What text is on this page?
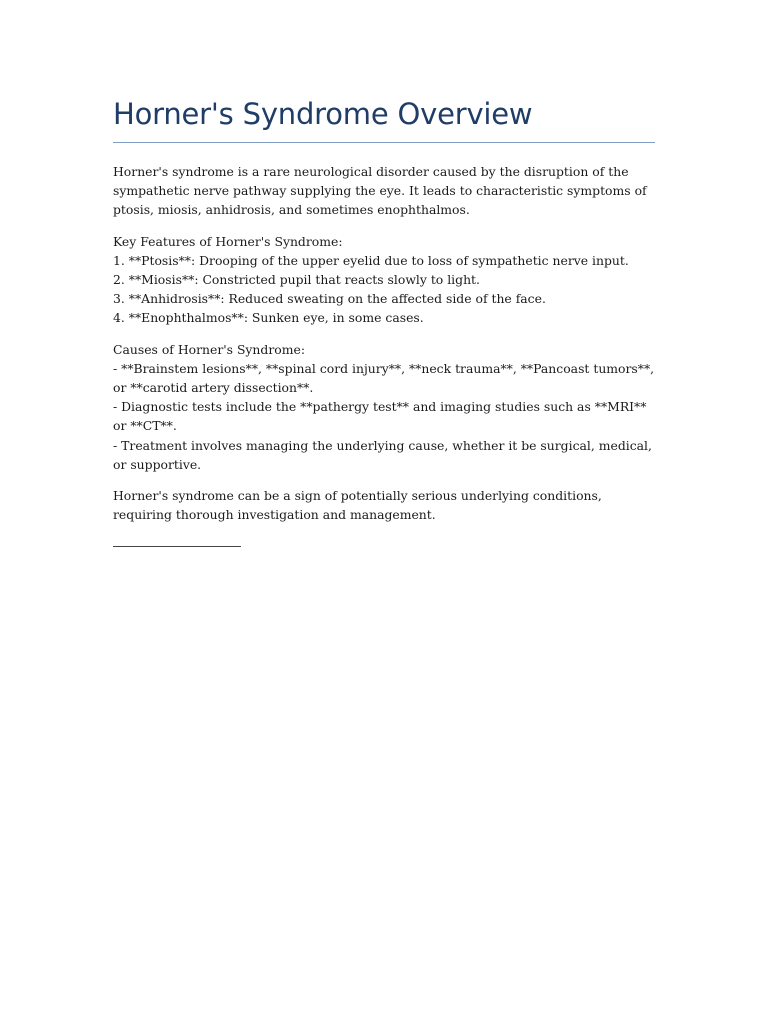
Horner's Syndrome Overview

Horner's syndrome is a rare neurological disorder caused by the disruption of the sympathetic nerve pathway supplying the eye. It leads to characteristic symptoms of ptosis, miosis, anhidrosis, and sometimes enophthalmos.

Key Features of Horner's Syndrome:
1. **Ptosis**: Drooping of the upper eyelid due to loss of sympathetic nerve input.
2. **Miosis**: Constricted pupil that reacts slowly to light.
3. **Anhidrosis**: Reduced sweating on the affected side of the face.
4. **Enophthalmos**: Sunken eye, in some cases.

Causes of Horner's Syndrome:
- **Brainstem lesions**, **spinal cord injury**, **neck trauma**, **Pancoast tumors**, or **carotid artery dissection**.
- Diagnostic tests include the **pathergy test** and imaging studies such as **MRI** or **CT**.
- Treatment involves managing the underlying cause, whether it be surgical, medical, or supportive.

Horner's syndrome can be a sign of potentially serious underlying conditions, requiring thorough investigation and management.
